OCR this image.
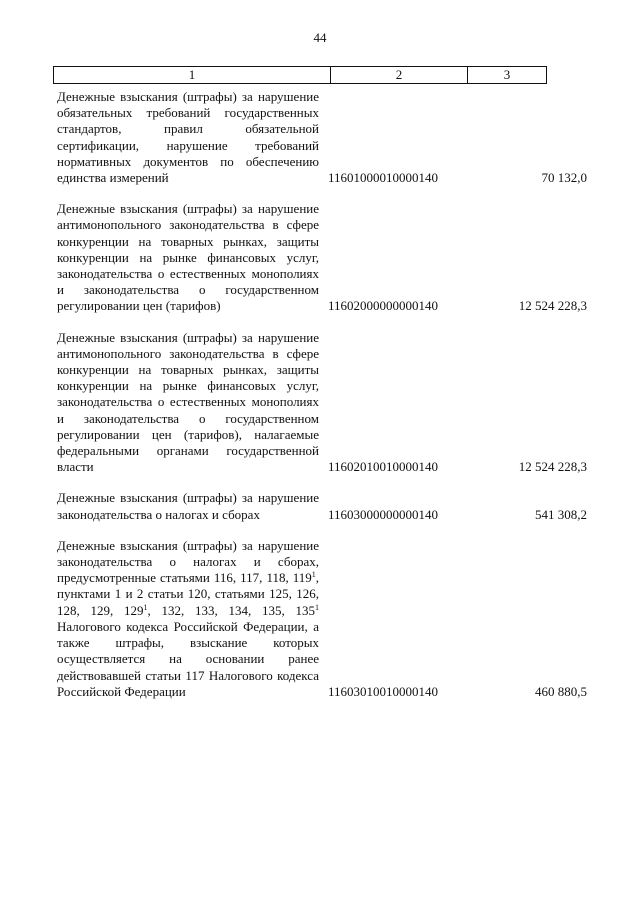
44
1	2	3
Денежные взыскания (штрафы) за нарушение обязательных требований государственных стандартов, правил обязательной сертификации, нарушение требований нормативных документов по обеспечению единства измерений	11601000010000140	70 132,0
Денежные взыскания (штрафы) за нарушение антимонопольного законодательства в сфере конкуренции на товарных рынках, защиты конкуренции на рынке финансовых услуг, законодательства о естественных монополиях и законодательства о государственном регулировании цен (тарифов)	11602000000000140	12 524 228,3
Денежные взыскания (штрафы) за нарушение антимонопольного законодательства в сфере конкуренции на товарных рынках, защиты конкуренции на рынке финансовых услуг, законодательства о естественных монополиях и законодательства о государственном регулировании цен (тарифов), налагаемые федеральными органами государственной власти	11602010010000140	12 524 228,3
Денежные взыскания (штрафы) за нарушение законодательства о налогах и сборах	11603000000000140	541 308,2
Денежные взыскания (штрафы) за нарушение законодательства о налогах и сборах, предусмотренные статьями 116, 117, 118, $119^1$, пунктами 1 и 2 статьи 120, статьями 125, 126, 128, 129, $129^1$, 132, 133, 134, 135, $135^1$ Налогового кодекса Российской Федерации, а также штрафы, взыскание которых осуществляется на основании ранее действовавшей статьи 117 Налогового кодекса Российской Федерации	11603010010000140	460 880,5
